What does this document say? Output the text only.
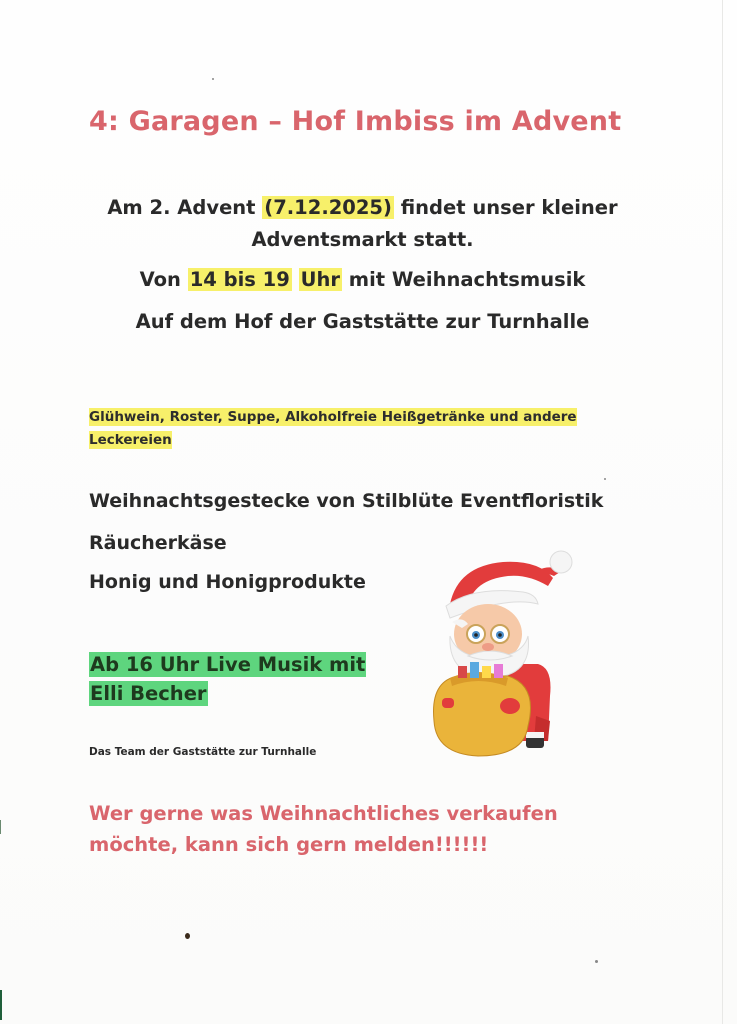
4: Garagen – Hof Imbiss im Advent
Am 2. Advent (7.12.2025) findet unser kleiner
Adventsmarkt statt.
Von 14 bis 19 Uhr mit Weihnachtsmusik
Auf dem Hof der Gaststätte zur Turnhalle
Glühwein, Roster, Suppe, Alkoholfreie Heißgetränke und andere Leckereien
Weihnachtsgestecke von Stilblüte Eventfloristik
Räucherkäse
Honig und Honigprodukte
Ab 16 Uhr Live Musik mit
Elli Becher
Das Team der Gaststätte zur Turnhalle
Wer gerne was Weihnachtliches verkaufen
möchte, kann sich gern melden!!!!!!
